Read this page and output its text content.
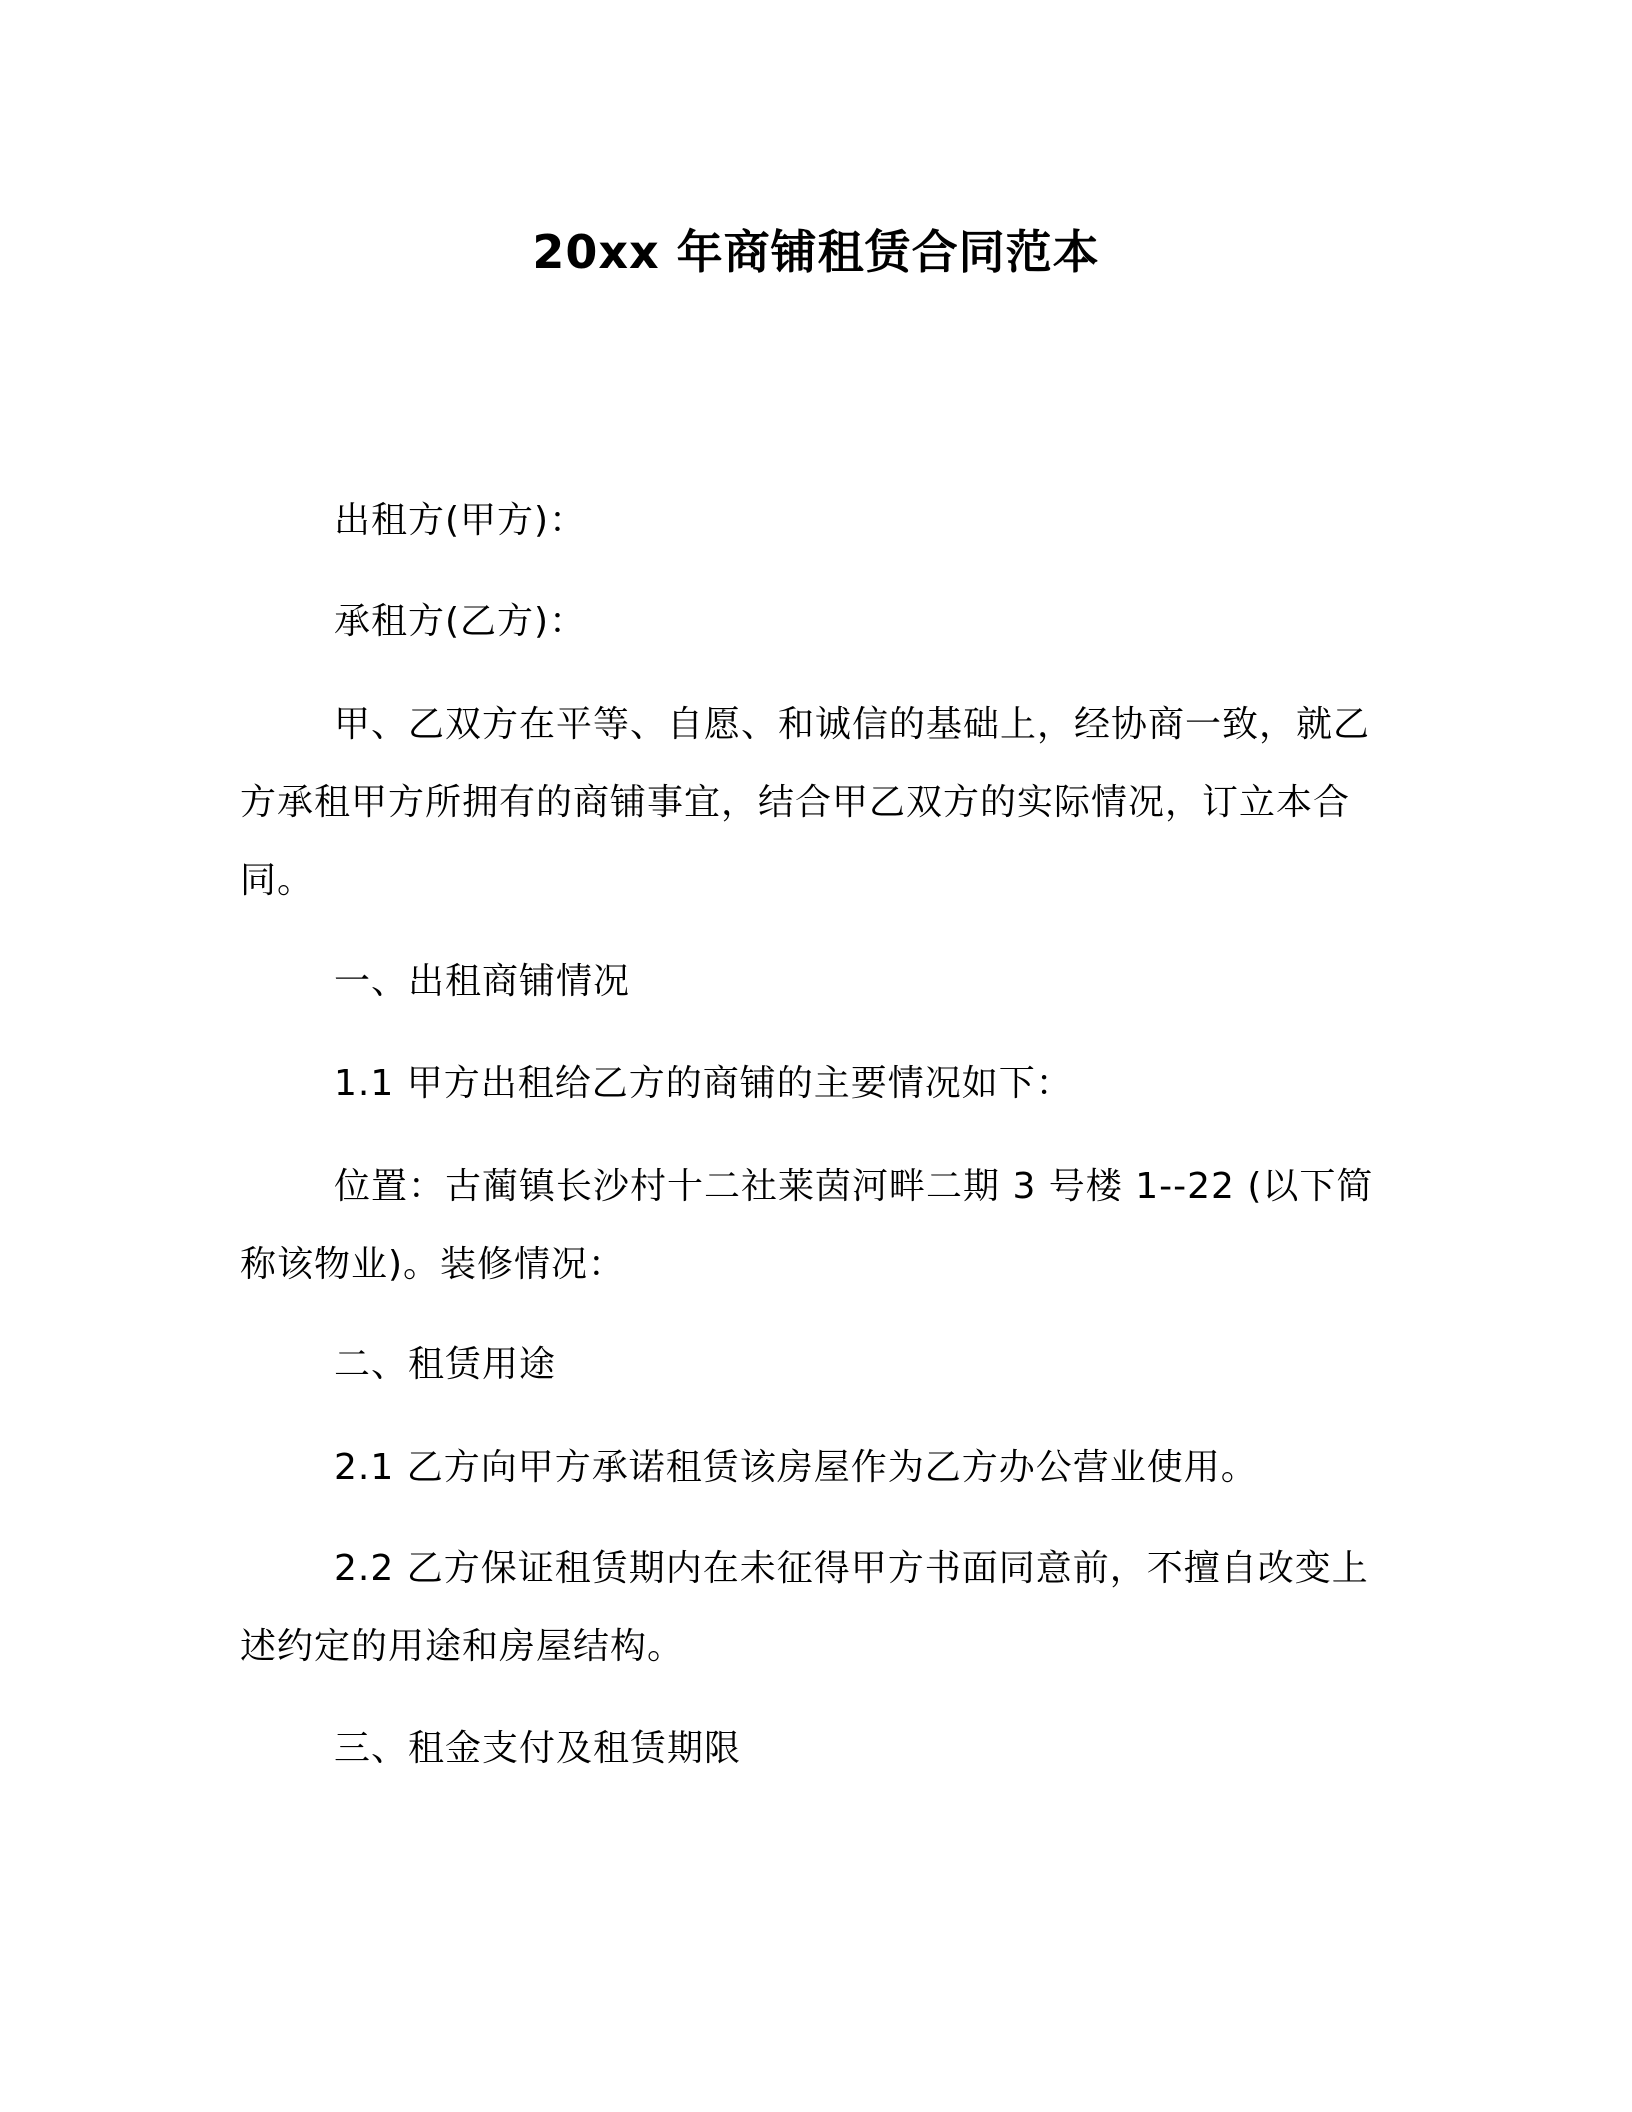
20xx 年商铺租赁合同范本

出租方(甲方)：

承租方(乙方)：

甲、乙双方在平等、自愿、和诚信的基础上，经协商一致，就乙方承租甲方所拥有的商铺事宜，结合甲乙双方的实际情况，订立本合同。

一、出租商铺情况

1.1 甲方出租给乙方的商铺的主要情况如下：

位置：古蔺镇长沙村十二社莱茵河畔二期 3 号楼 1--22 (以下简称该物业)。装修情况：

二、租赁用途

2.1 乙方向甲方承诺租赁该房屋作为乙方办公营业使用。

2.2 乙方保证租赁期内在未征得甲方书面同意前，不擅自改变上述约定的用途和房屋结构。

三、租金支付及租赁期限
